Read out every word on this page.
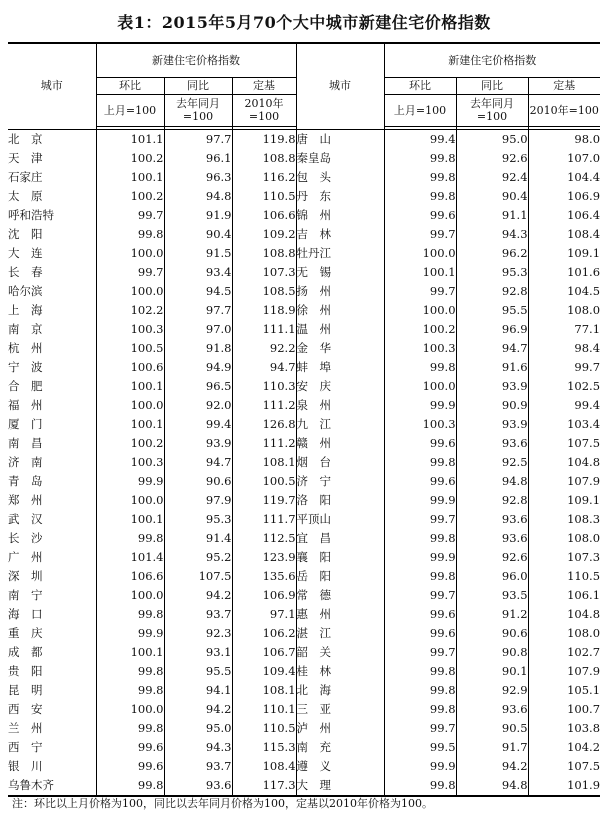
表1：2015年5月70个大中城市新建住宅价格指数
城市	新建住宅价格指数			城市	新建住宅价格指数		
	环比	同比	定基		环比	同比	定基
	上月=100	去年同月=100	2010年=100		上月=100	去年同月=100	2010年=100

北　京	101.1	97.7	119.8	唐　山	99.4	95.0	98.0
天　津	100.2	96.1	108.8	秦皇岛	99.8	92.6	107.0
石家庄	100.1	96.3	116.2	包　头	99.8	92.4	104.4
太　原	100.2	94.8	110.5	丹　东	99.8	90.4	106.9
呼和浩特	99.7	91.9	106.6	锦　州	99.6	91.1	106.4
沈　阳	99.8	90.4	109.2	吉　林	99.7	94.3	108.4
大　连	100.0	91.5	108.8	牡丹江	100.0	96.2	109.1
长　春	99.7	93.4	107.3	无　锡	100.1	95.3	101.6
哈尔滨	100.0	94.5	108.5	扬　州	99.7	92.8	104.5
上　海	102.2	97.7	118.9	徐　州	100.0	95.5	108.0
南　京	100.3	97.0	111.1	温　州	100.2	96.9	77.1
杭　州	100.5	91.8	92.2	金　华	100.3	94.7	98.4
宁　波	100.6	94.9	94.7	蚌　埠	99.8	91.6	99.7
合　肥	100.1	96.5	110.3	安　庆	100.0	93.9	102.5
福　州	100.0	92.0	111.2	泉　州	99.9	90.9	99.4
厦　门	100.1	99.4	126.8	九　江	100.3	93.9	103.4
南　昌	100.2	93.9	111.2	赣　州	99.6	93.6	107.5
济　南	100.3	94.7	108.1	烟　台	99.8	92.5	104.8
青　岛	99.9	90.6	100.5	济　宁	99.6	94.8	107.9
郑　州	100.0	97.9	119.7	洛　阳	99.9	92.8	109.1
武　汉	100.1	95.3	111.7	平顶山	99.7	93.6	108.3
长　沙	99.8	91.4	112.5	宜　昌	99.8	93.6	108.0
广　州	101.4	95.2	123.9	襄　阳	99.9	92.6	107.3
深　圳	106.6	107.5	135.6	岳　阳	99.8	96.0	110.5
南　宁	100.0	94.2	106.9	常　德	99.7	93.5	106.1
海　口	99.8	93.7	97.1	惠　州	99.6	91.2	104.8
重　庆	99.9	92.3	106.2	湛　江	99.6	90.6	108.0
成　都	100.1	93.1	106.7	韶　关	99.7	90.8	102.7
贵　阳	99.8	95.5	109.4	桂　林	99.8	90.1	107.9
昆　明	99.8	94.1	108.1	北　海	99.8	92.9	105.1
西　安	100.0	94.2	110.1	三　亚	99.8	93.6	100.7
兰　州	99.8	95.0	110.5	泸　州	99.7	90.5	103.8
西　宁	99.6	94.3	115.3	南　充	99.5	91.7	104.2
银　川	99.6	93.7	108.4	遵　义	99.9	94.2	107.5
乌鲁木齐	99.8	93.6	117.3	大　理	99.8	94.8	101.9
注：环比以上月价格为100，同比以去年同月价格为100，定基以2010年价格为100。
